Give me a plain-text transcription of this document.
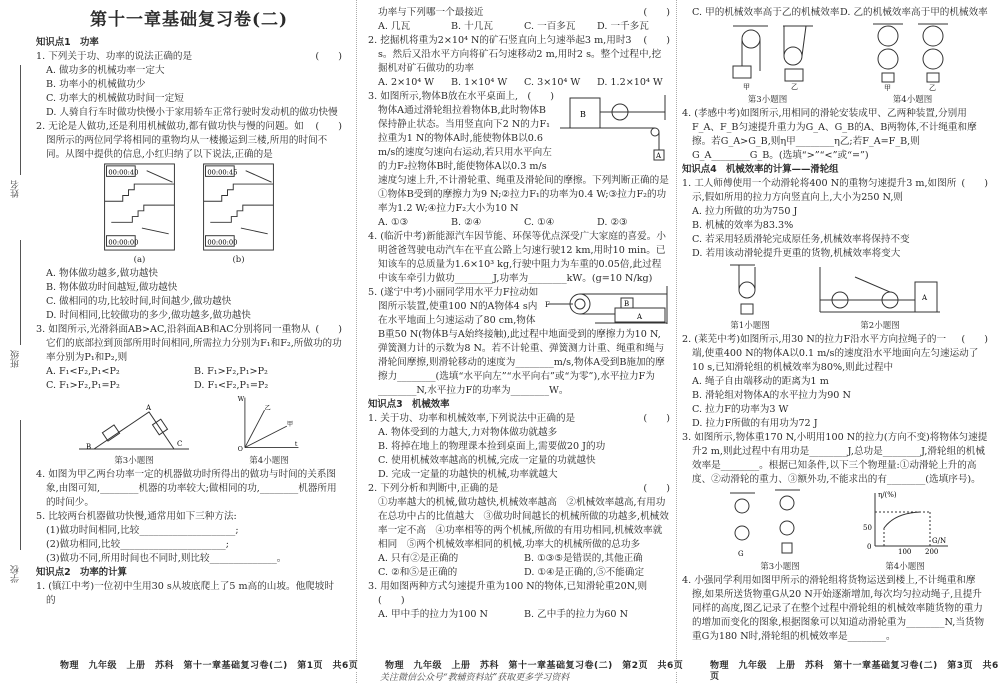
姓名
班级
学校
第十一章基础复习卷(二)
知识点1　功率
(　　)
1. 下列关于功、功率的说法正确的是
A. 做功多的机械功率一定大
B. 功率小的机械做功少
C. 功率大的机械做功时间一定短
D. 人骑自行车时做功快慢小于家用轿车正常行驶时发动机的做功快慢
(　　)
2. 无论是人做功,还是利用机械做功,都有做功快与慢的问题。如图所示的两位同学将相同的重物均从一楼搬运到三楼,所用的时间不同。从图中提供的信息,小红归纳了以下说法,正确的是
00:00:40
00:00:00
(a)
00:00:45
00:00:00
(b)
A. 物体做功越多,做功越快
B. 物体做功时间越短,做功越快
C. 做相同的功,比较时间,时间越少,做功越快
D. 时间相同,比较做功的多少,做功越多,做功越快
(　　)
3. 如图所示,光滑斜面AB>AC,沿斜面AB和AC分别将同一重物从它们的底部拉到顶部所用时间相同,所需拉力分别为F₁和F₂,所做功的功率分别为P₁和P₂,则
A. F₁<F₂,P₁<P₂	B. F₁>F₂,P₁>P₂
C. F₁>F₂,P₁=P₂	D. F₁<F₂,P₁=P₂
B
A
C
第3小题图
乙
甲
W
O
t
第4小题图
4. 如图为甲乙两台功率一定的机器做功时所得出的做功与时间的关系图象,由图可知,________机器的功率较大;做相同的功,________机器所用的时间少。
5. 比较两台机器做功快慢,通常用如下三种方法:
(1)做功时间相同,比较____________________;
(2)做功相同,比较______________________;
(3)做功不同,所用时间也不同时,则比较______________。
知识点2　功率的计算
1. (镇江中考)一位初中生用30 s从坡底爬上了5 m高的山坡。他爬坡时的
(　　)
功率与下列哪一个最接近
A. 几瓦	B. 十几瓦	C. 一百多瓦	D. 一千多瓦
(　　)
2. 挖掘机将重为2×10⁴ N的矿石竖直向上匀速举起3 m,用时3 s。然后又沿水平方向将矿石匀速移动2 m,用时2 s。整个过程中,挖掘机对矿石做功的功率
A. 2×10⁴ W	B. 1×10⁴ W	C. 3×10⁴ W	D. 1.2×10⁴ W
B
A
(　　)
3. 如图所示,物体B放在水平桌面上,物体A通过滑轮组拉着物体B,此时物体B保持静止状态。当用竖直向下2 N的力F₁拉重为1 N的物体A时,能使物体B以0.6 m/s的速度匀速向右运动,若只用水平向左的力F₂拉物体B时,能使物体A以0.3 m/s速度匀速上升,不计滑轮重、绳重及滑轮间的摩擦。下列判断正确的是
①物体B受到的摩擦力为9 N;②拉力F₁的功率为0.4 W;③拉力F₂的功率为1.2 W;④拉力F₂大小为10 N
A. ①③	B. ②④	C. ①④	D. ②③
4. (临沂中考)新能源汽车因节能、环保等优点深受广大家庭的喜爱。小明爸爸驾驶电动汽车在平直公路上匀速行驶12 km,用时10 min。已知该车的总质量为1.6×10³ kg,行驶中阻力为车重的0.05倍,此过程中该车牵引力做功________J,功率为________kW。(g=10 N/kg)
F
A
B
5. (遂宁中考)小丽同学用水平力F拉动如图所示装置,使重100 N的A物体4 s内在水平地面上匀速运动了80 cm,物体B重50 N(物体B与A始终接触),此过程中地面受到的摩擦力为10 N,弹簧测力计的示数为8 N。若不计轮重、弹簧测力计重、绳重和绳与滑轮间摩擦,则滑轮移动的速度为________m/s,物体A受到B施加的摩擦力________(选填“水平向左”“水平向右”或“为零”),水平拉力F为________N,水平拉力F的功率为________W。
知识点3　机械效率
(　　)
1. 关于功、功率和机械效率,下列说法中正确的是
A. 物体受到的力越大,力对物体做功就越多
B. 将掉在地上的物理课本捡到桌面上,需要做20 J的功
C. 使用机械效率越高的机械,完成一定量的功就越快
D. 完成一定量的功越快的机械,功率就越大
(　　)
2. 下列分析和判断中,正确的是
①功率越大的机械,做功越快,机械效率越高　②机械效率越高,有用功在总功中占的比值越大　③做功时间越长的机械所做的功越多,机械效率一定不高　④功率相等的两个机械,所做的有用功相同,机械效率就相同　⑤两个机械效率相同的机械,功率大的机械所做的总功多
A. 只有②是正确的	B. ①③⑤是错误的,其他正确
C. ②和⑤是正确的	D. ①④是正确的,⑤不能确定
3. 用如图两种方式匀速提升重为100 N的物体,已知滑轮重20N,则(　　)
A. 甲中手的拉力为100 N	B. 乙中手的拉力为60 N
C. 甲的机械效率高于乙的机械效率 D. 乙的机械效率高于甲的机械效率
甲	乙
第3小题图
甲	乙
第4小题图
4. (孝感中考)如图所示,用相同的滑轮安装成甲、乙两种装置,分别用F_A、F_B匀速提升重力为G_A、G_B的A、B两物体,不计绳重和摩擦。若G_A>G_B,则η甲________η乙;若F_A=F_B,则G_A________G_B。(选填“>”“<”或“=”)
知识点4　机械效率的计算——滑轮组
(　　)
1. 工人师傅使用一个动滑轮将400 N的重物匀速提升3 m,如图所示,假如所用的拉力方向竖直向上,大小为250 N,则
A. 拉力所做的功为750 J
B. 机械的效率为83.3%
C. 若采用轻质滑轮完成原任务,机械效率将保持不变
D. 若用该动滑轮提升更重的货物,机械效率将变大
第1小题图
A
第2小题图
(　　)
2. (莱芜中考)如图所示,用30 N的拉力F沿水平方向拉绳子的一端,使重400 N的物体A以0.1 m/s的速度沿水平地面向左匀速运动了10 s,已知滑轮组的机械效率为80%,则此过程中
A. 绳子自由端移动的距离为1 m
B. 滑轮组对物体A的水平拉力为90 N
C. 拉力F的功率为3 W
D. 拉力F所做的有用功为72 J
3. 如图所示,物体重170 N,小明用100 N的拉力(方向不变)将物体匀速提升2 m,则此过程中有用功是________J,总功是________J,滑轮组的机械效率是________。根据已知条件,以下三个物理量:①动滑轮上升的高度、②动滑轮的重力、③额外功,不能求出的有________(选填序号)。
G
第3小题图
η/(%)
G/N
0
50
100 200
第4小题图
4. 小强同学利用如图甲所示的滑轮组将货物运送到楼上,不计绳重和摩擦,如果所送货物重G从20 N开始逐渐增加,每次均匀拉动绳子,且提升同样的高度,图乙记录了在整个过程中滑轮组的机械效率随货物的重力的增加而变化的图象,根据图象可以知道动滑轮重为________N,当货物重G为180 N时,滑轮组的机械效率是________。
物理　九年级　上册　苏科　第十一章基础复习卷(二)　第1页　共6页	物理　九年级　上册　苏科　第十一章基础复习卷(二)　第2页　共6页	物理　九年级　上册　苏科　第十一章基础复习卷(二)　第3页　共6页
关注微信公众号“教辅资料站”获取更多学习资料
